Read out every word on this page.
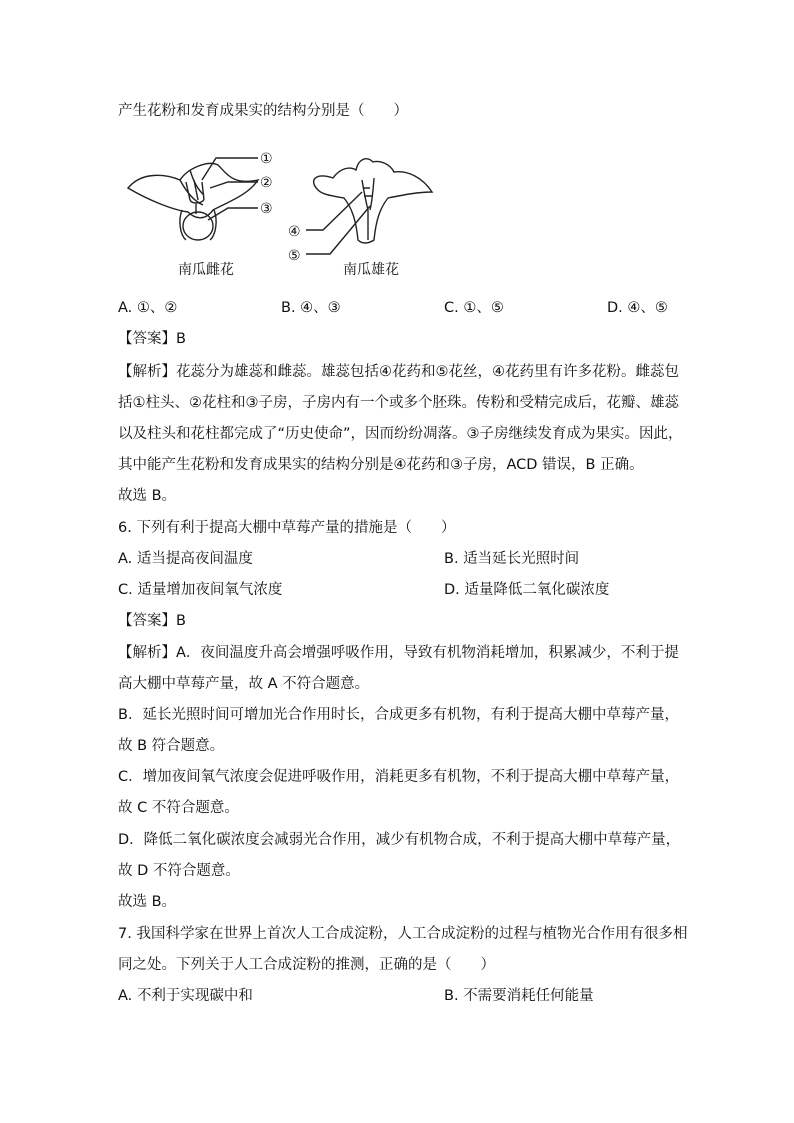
产生花粉和发育成果实的结构分别是（　　）
①
②
③
④
⑤
南瓜雌花	南瓜雄花
A. ①、②	B. ④、③	C. ①、⑤	D. ④、⑤
【答案】B
【解析】花蕊分为雄蕊和雌蕊。雄蕊包括④花药和⑤花丝，④花药里有许多花粉。雌蕊包
括①柱头、②花柱和③子房，子房内有一个或多个胚珠。传粉和受精完成后，花瓣、雄蕊
以及柱头和花柱都完成了“历史使命”，因而纷纷凋落。③子房继续发育成为果实。因此，
其中能产生花粉和发育成果实的结构分别是④花药和③子房，ACD 错误，B 正确。
故选 B。
6. 下列有利于提高大棚中草莓产量的措施是（　　）
A. 适当提高夜间温度	B. 适当延长光照时间
C. 适量增加夜间氧气浓度	D. 适量降低二氧化碳浓度
【答案】B
【解析】A．夜间温度升高会增强呼吸作用，导致有机物消耗增加，积累减少，不利于提
高大棚中草莓产量，故 A 不符合题意。
B．延长光照时间可增加光合作用时长，合成更多有机物，有利于提高大棚中草莓产量，
故 B 符合题意。
C．增加夜间氧气浓度会促进呼吸作用，消耗更多有机物，不利于提高大棚中草莓产量，
故 C 不符合题意。
D．降低二氧化碳浓度会减弱光合作用，减少有机物合成，不利于提高大棚中草莓产量，
故 D 不符合题意。
故选 B。
7. 我国科学家在世界上首次人工合成淀粉，人工合成淀粉的过程与植物光合作用有很多相
同之处。下列关于人工合成淀粉的推测，正确的是（　　）
A. 不利于实现碳中和	B. 不需要消耗任何能量
